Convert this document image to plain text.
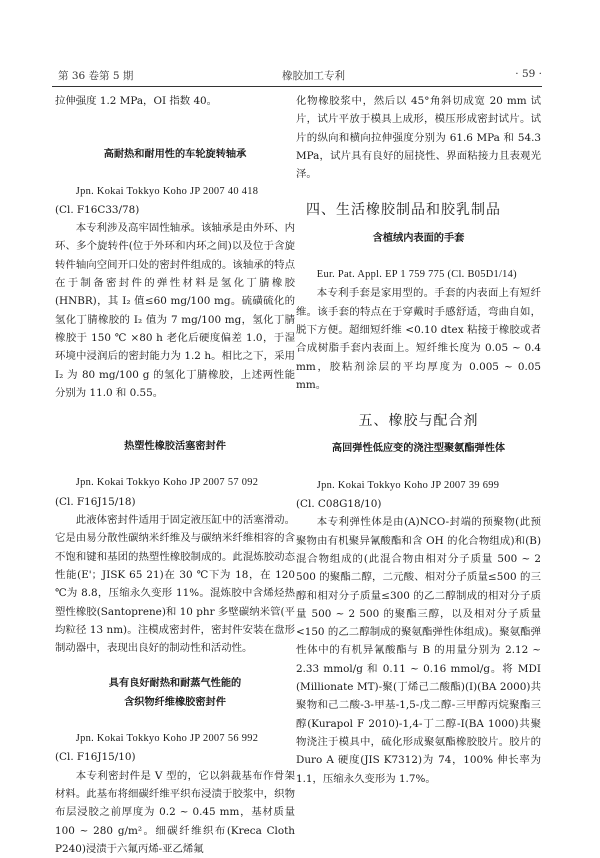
第 36 卷第 5 期	橡胶加工专利	· 59 ·

拉伸强度 1.2 MPa，OI 指数 40。

高耐热和耐用性的车轮旋转轴承

Jpn. Kokai Tokkyo Koho JP 2007 40 418

(Cl. F16C33/78)

本专利涉及高牢固性轴承。该轴承是由外环、内环、多个旋转件(位于外环和内环之间)以及位于含旋转件轴向空间开口处的密封件组成的。该轴承的特点在于制备密封件的弹性材料是氢化丁腈橡胶(HNBR)，其 I₂ 值≤60 mg/100 mg。硫磺硫化的氢化丁腈橡胶的 I₂ 值为 7 mg/100 mg，氢化丁腈橡胶于 150 ℃ ×80 h 老化后硬度偏差 1.0，于湿环境中浸润后的密封能力为 1.2 h。相比之下，采用 I₂ 为 80 mg/100 g 的氢化丁腈橡胶，上述两性能分别为 11.0 和 0.55。

热塑性橡胶活塞密封件

Jpn. Kokai Tokkyo Koho JP 2007 57 092

(Cl. F16J15/18)

此液体密封件适用于固定液压缸中的活塞滑动。它是由易分散性碳纳米纤维及与碳纳米纤维相容的含不饱和键和基团的热塑性橡胶制成的。此混炼胶动态性能(E'；JISK 65 21)在 30 ℃下为 18，在 120 ℃为 8.8，压缩永久变形 11%。混炼胶中含烯烃热塑性橡胶(Santoprene)和 10 phr 多壁碳纳米管(平均粒径 13 nm)。注模成密封件，密封件安装在盘形制动器中，表现出良好的制动性和活动性。

具有良好耐热和耐蒸气性能的

含织物纤维橡胶密封件

Jpn. Kokai Tokkyo Koho JP 2007 56 992

(Cl. F16J15/10)

本专利密封件是 V 型的，它以斜裁基布作骨架材料。此基布将细碳纤维平织布浸渍于胶浆中，织物布层浸胶之前厚度为 0.2 ~ 0.45 mm，基材质量 100 ~ 280 g/m²。细碳纤维织布(Kreca Cloth P240)浸渍于六氟丙烯-亚乙烯氟

化物橡胶浆中，然后以 45°角斜切成宽 20 mm 试片，试片平放于模具上成形，模压形成密封试片。试片的纵向和横向拉伸强度分别为 61.6 MPa 和 54.3 MPa，试片具有良好的屈挠性、界面粘接力且表观光泽。

四、生活橡胶制品和胶乳制品

含植绒内表面的手套

Eur. Pat. Appl. EP 1 759 775 (Cl. B05D1/14)

本专利手套是家用型的。手套的内表面上有短纤维。该手套的特点在于穿戴时手感舒适，弯曲自如，脱下方便。超细短纤维 <0.10 dtex 粘接于橡胶或者合成树脂手套内表面上。短纤维长度为 0.05 ~ 0.4 mm，胶粘剂涂层的平均厚度为 0.005 ~ 0.05 mm。

五、橡胶与配合剂

高回弹性低应变的浇注型聚氨酯弹性体

Jpn. Kokai Tokkyo Koho JP 2007 39 699

(Cl. C08G18/10)

本专利弹性体是由(A)NCO-封端的预聚物(此预聚物由有机聚异氰酸酯和含 OH 的化合物组成)和(B)混合物组成的(此混合物由相对分子质量 500 ~ 2 500 的聚酯二醇，二元酸、相对分子质量≤500 的三醇和相对分子质量≤300 的乙二醇制成的相对分子质量 500 ~ 2 500 的聚酯三醇，以及相对分子质量 <150 的乙二醇制成的聚氨酯弹性体组成)。聚氨酯弹性体中的有机异氰酸酯与 B 的用量分别为 2.12 ~ 2.33 mmol/g 和 0.11 ~ 0.16 mmol/g。将 MDI (Millionate MT)-聚(丁烯己二酸酯)(I)(BA 2000)共聚物和己二酸-3-甲基-1,5-戊二醇-三甲醇丙烷聚酯三醇(Kurapol F 2010)-1,4-丁二醇-I(BA 1000)共聚物浇注于模具中，硫化形成聚氨酯橡胶胶片。胶片的 Duro A 硬度(JIS K7312)为 74，100% 伸长率为 1.1，压缩永久变形为 1.7%。
